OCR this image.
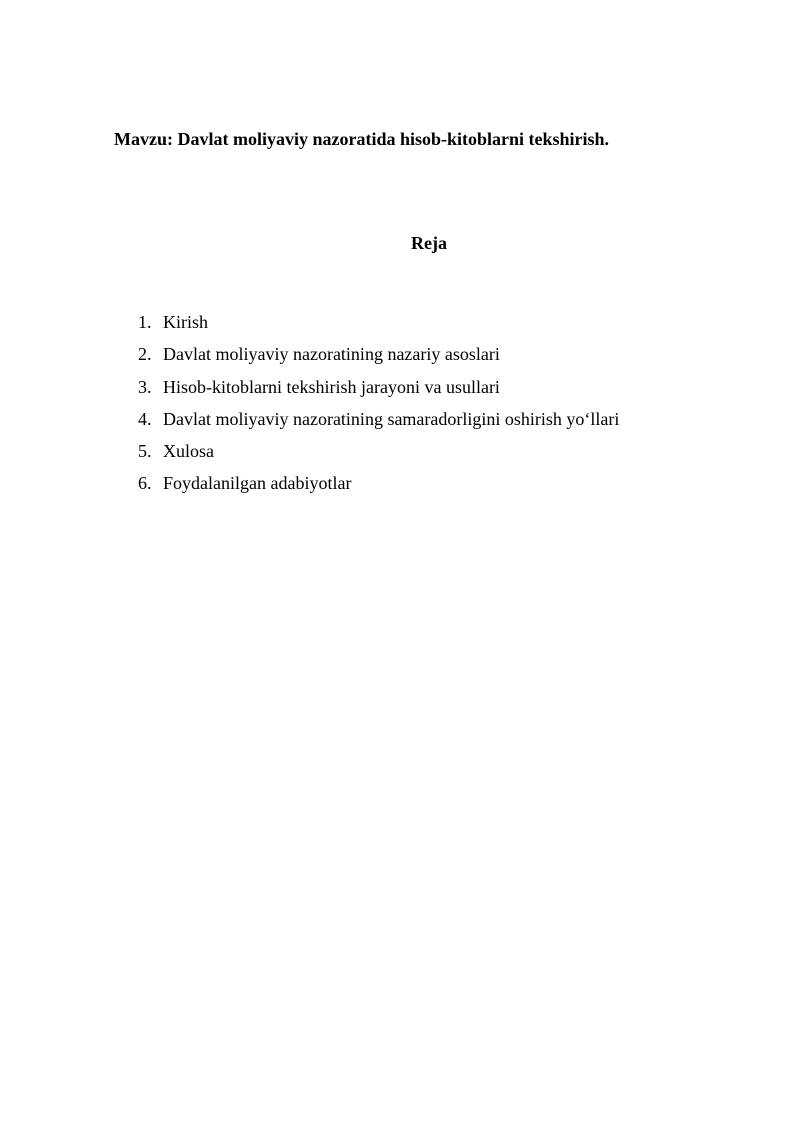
Mavzu: Davlat moliyaviy nazoratida hisob-kitoblarni tekshirish.

Reja

1. Kirish
2. Davlat moliyaviy nazoratining nazariy asoslari
3. Hisob-kitoblarni tekshirish jarayoni va usullari
4. Davlat moliyaviy nazoratining samaradorligini oshirish yo‘llari
5. Xulosa
6. Foydalanilgan adabiyotlar
